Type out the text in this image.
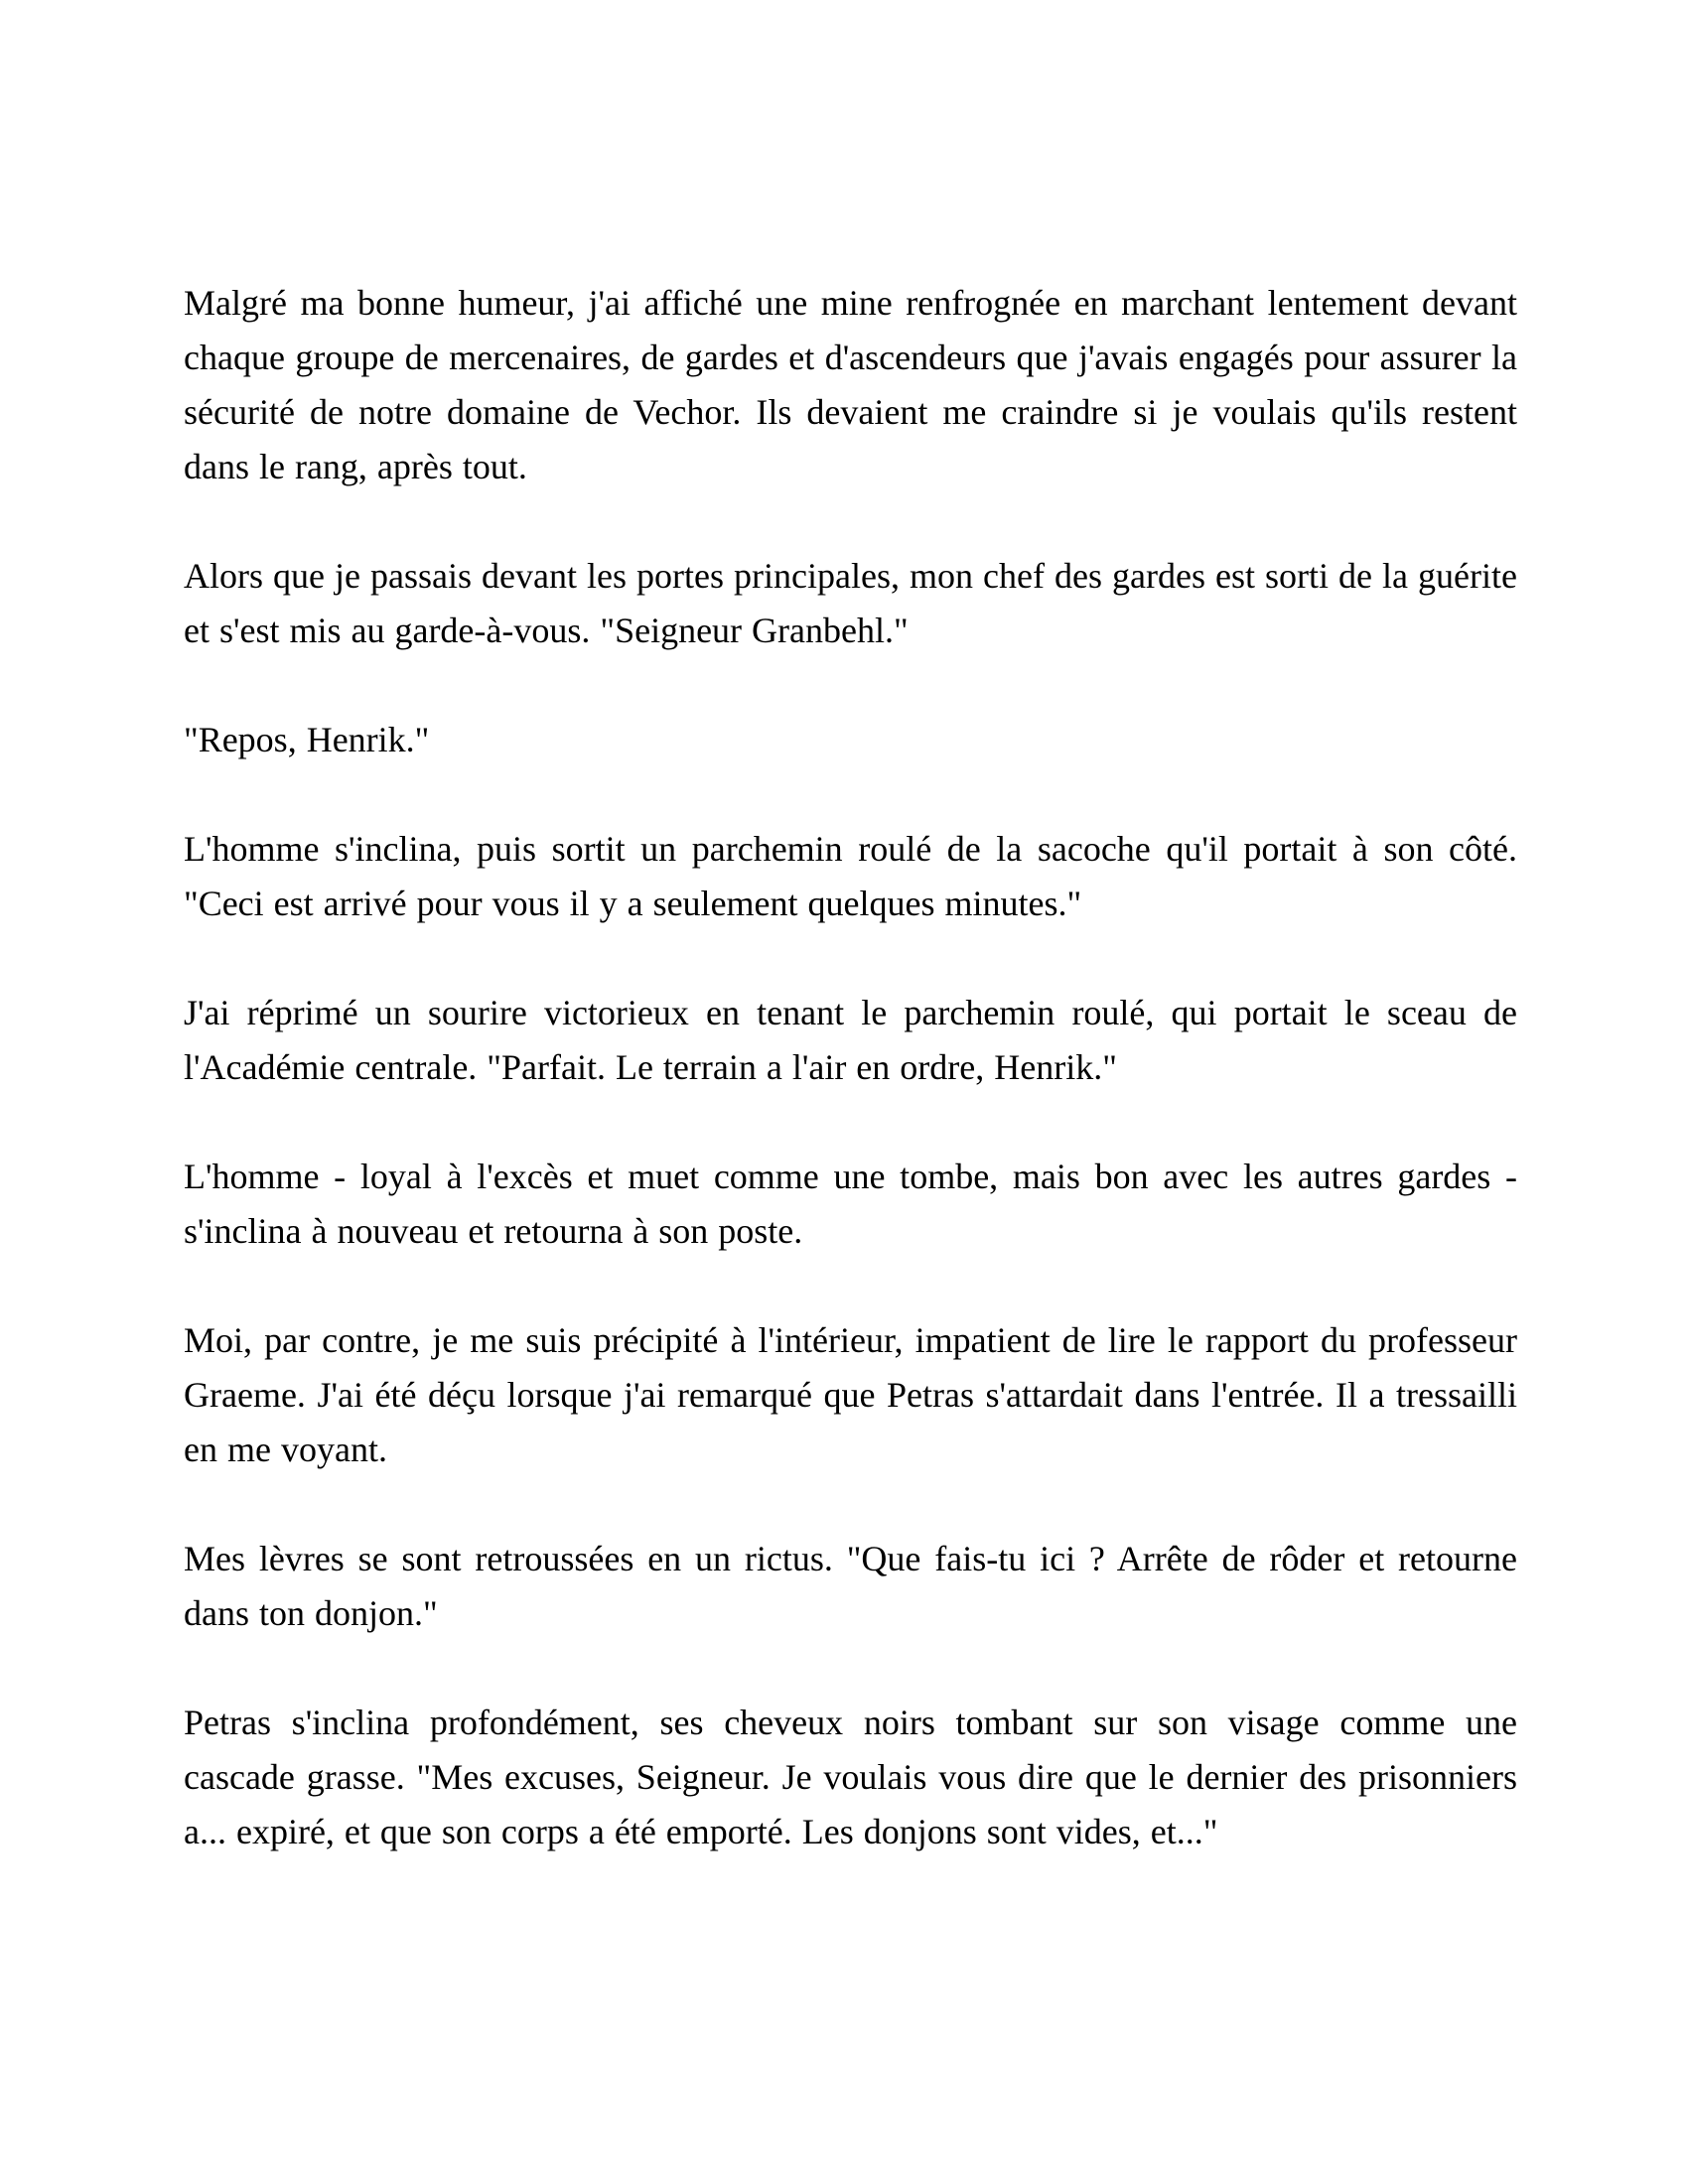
Malgré ma bonne humeur, j'ai affiché une mine renfrognée en marchant lentement devant chaque groupe de mercenaires, de gardes et d'ascendeurs que j'avais engagés pour assurer la sécurité de notre domaine de Vechor. Ils devaient me craindre si je voulais qu'ils restent dans le rang, après tout.

Alors que je passais devant les portes principales, mon chef des gardes est sorti de la guérite et s'est mis au garde-à-vous. "Seigneur Granbehl."

"Repos, Henrik."

L'homme s'inclina, puis sortit un parchemin roulé de la sacoche qu'il portait à son côté. "Ceci est arrivé pour vous il y a seulement quelques minutes."

J'ai réprimé un sourire victorieux en tenant le parchemin roulé, qui portait le sceau de l'Académie centrale. "Parfait. Le terrain a l'air en ordre, Henrik."

L'homme - loyal à l'excès et muet comme une tombe, mais bon avec les autres gardes - s'inclina à nouveau et retourna à son poste.

Moi, par contre, je me suis précipité à l'intérieur, impatient de lire le rapport du professeur Graeme. J'ai été déçu lorsque j'ai remarqué que Petras s'attardait dans l'entrée. Il a tressailli en me voyant.

Mes lèvres se sont retroussées en un rictus. "Que fais-tu ici ? Arrête de rôder et retourne dans ton donjon."

Petras s'inclina profondément, ses cheveux noirs tombant sur son visage comme une cascade grasse. "Mes excuses, Seigneur. Je voulais vous dire que le dernier des prisonniers a... expiré, et que son corps a été emporté. Les donjons sont vides, et..."
